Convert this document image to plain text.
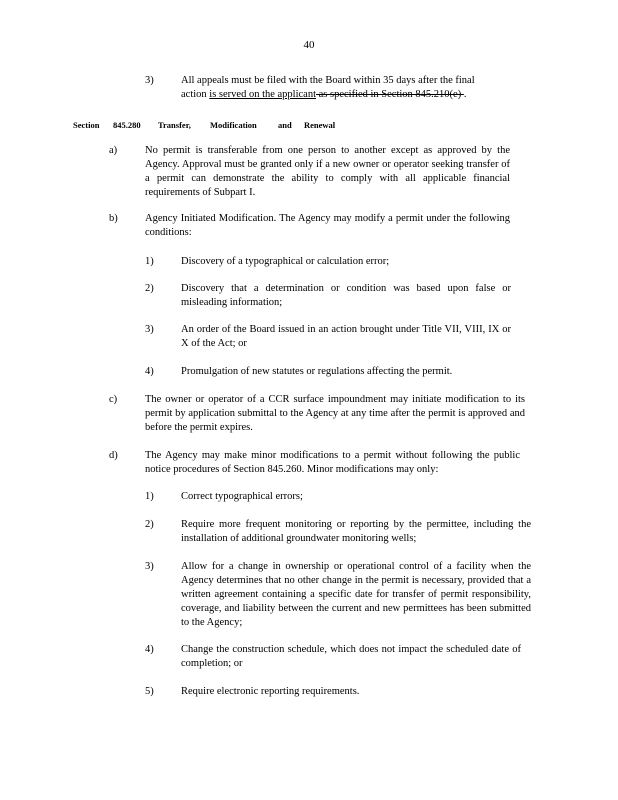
40
3)	All appeals must be filed with the Board within 35 days after the final
action is served on the applicant as specified in Section 845.210(e) .
Section 845.280 Transfer, Modification	and Renewal
a)	No permit is transferable from one person to another except as approved by the Agency. Approval must be granted only if a new owner or operator seeking transfer of a permit can demonstrate the ability to comply with all applicable financial requirements of Subpart I.
b)	Agency Initiated Modification. The Agency may modify a permit under the following conditions:
1)	Discovery of a typographical or calculation error;
2)	Discovery that a determination or condition was based upon false or misleading information;
3)	An order of the Board issued in an action brought under Title VII, VIII, IX or X of the Act; or
4)	Promulgation of new statutes or regulations affecting the permit.
c)	The owner or operator of a CCR surface impoundment may initiate modification to its permit by application submittal to the Agency at any time after the permit is approved and before the permit expires.
d)	The Agency may make minor modifications to a permit without following the public notice procedures of Section 845.260. Minor modifications may only:
1)	Correct typographical errors;
2)	Require more frequent monitoring or reporting by the permittee, including the installation of additional groundwater monitoring wells;
3)	Allow for a change in ownership or operational control of a facility when the Agency determines that no other change in the permit is necessary, provided that a written agreement containing a specific date for transfer of permit responsibility, coverage, and liability between the current and new permittees has been submitted to the Agency;
4)	Change the construction schedule, which does not impact the scheduled date of completion; or
5)	Require electronic reporting requirements.
